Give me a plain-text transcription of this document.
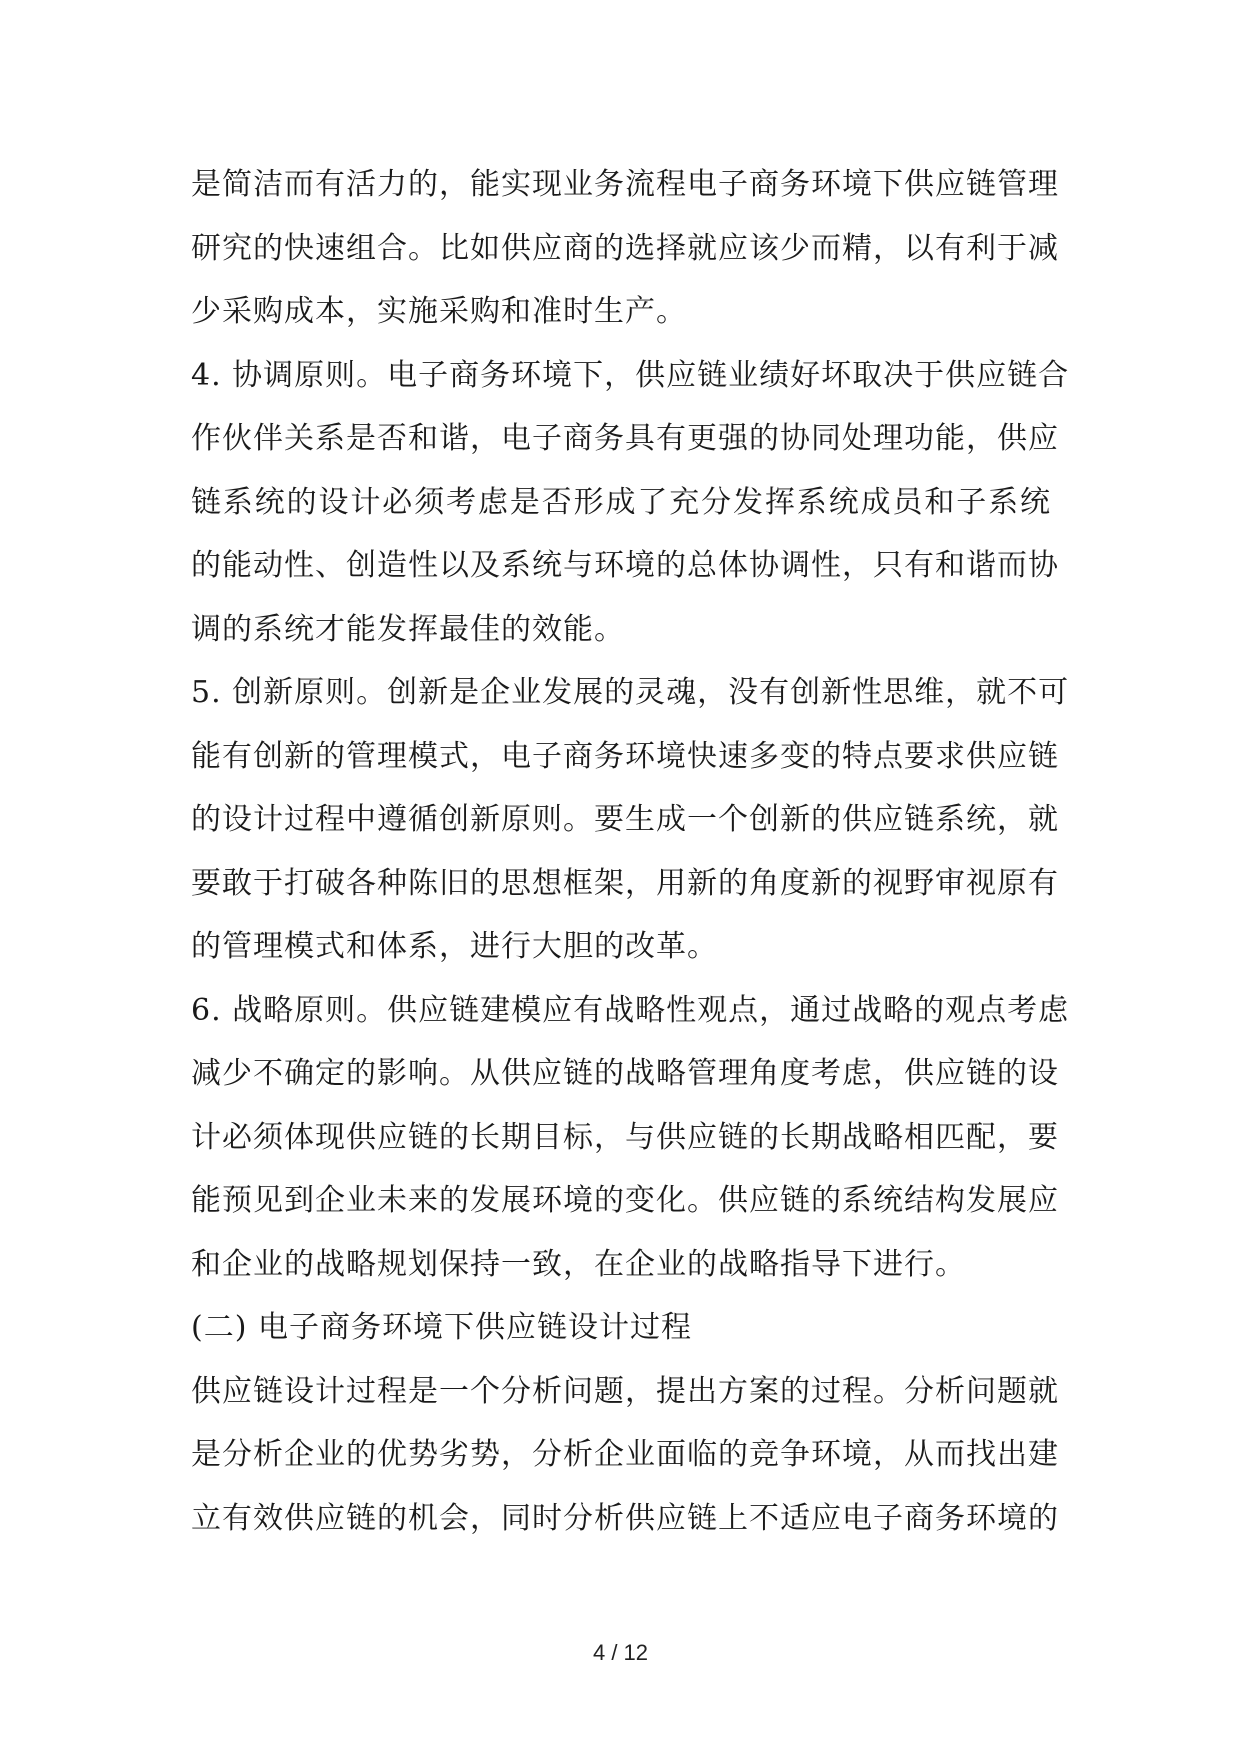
是简洁而有活力的，能实现业务流程电子商务环境下供应链管理
研究的快速组合。比如供应商的选择就应该少而精，以有利于减
少采购成本，实施采购和准时生产。
4. 协调原则。电子商务环境下，供应链业绩好坏取决于供应链合
作伙伴关系是否和谐，电子商务具有更强的协同处理功能，供应
链系统的设计必须考虑是否形成了充分发挥系统成员和子系统
的能动性、创造性以及系统与环境的总体协调性，只有和谐而协
调的系统才能发挥最佳的效能。
5. 创新原则。创新是企业发展的灵魂，没有创新性思维，就不可
能有创新的管理模式，电子商务环境快速多变的特点要求供应链
的设计过程中遵循创新原则。要生成一个创新的供应链系统，就
要敢于打破各种陈旧的思想框架，用新的角度新的视野审视原有
的管理模式和体系，进行大胆的改革。
6. 战略原则。供应链建模应有战略性观点，通过战略的观点考虑
减少不确定的影响。从供应链的战略管理角度考虑，供应链的设
计必须体现供应链的长期目标，与供应链的长期战略相匹配，要
能预见到企业未来的发展环境的变化。供应链的系统结构发展应
和企业的战略规划保持一致，在企业的战略指导下进行。
(二) 电子商务环境下供应链设计过程
供应链设计过程是一个分析问题，提出方案的过程。分析问题就
是分析企业的优势劣势，分析企业面临的竞争环境，从而找出建
立有效供应链的机会，同时分析供应链上不适应电子商务环境的
4 / 12
